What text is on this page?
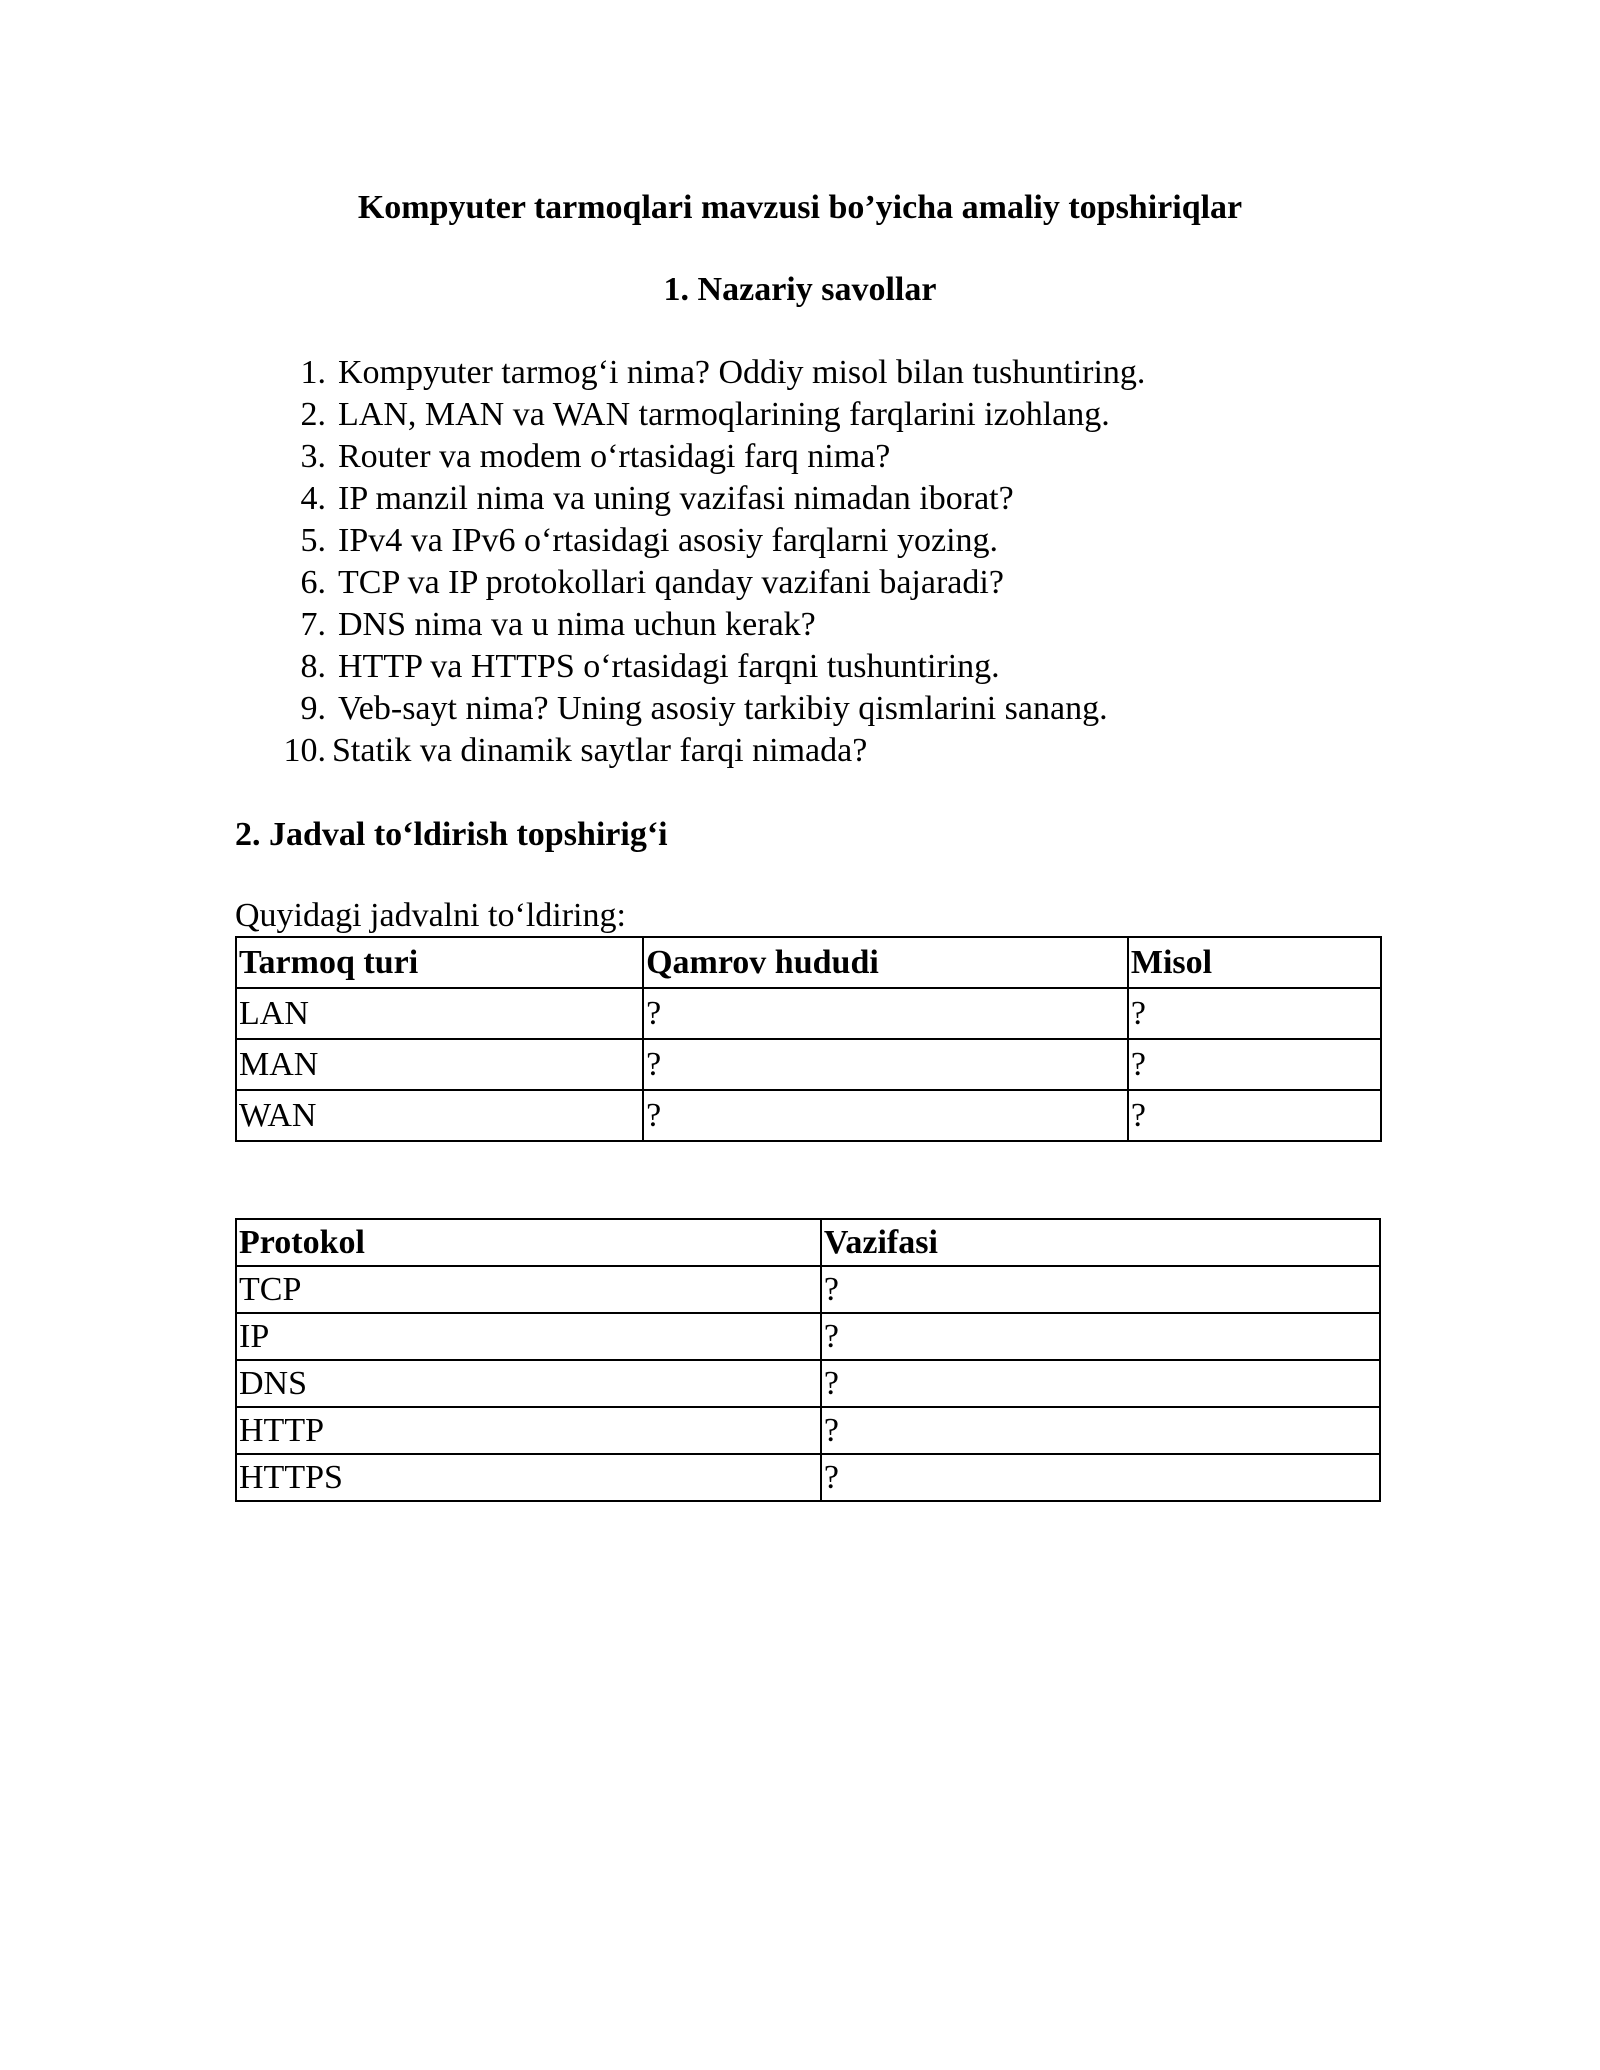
Kompyuter tarmoqlari mavzusi bo’yicha amaliy topshiriqlar
1. Nazariy savollar
1. Kompyuter tarmog‘i nima? Oddiy misol bilan tushuntiring.
2. LAN, MAN va WAN tarmoqlarining farqlarini izohlang.
3. Router va modem o‘rtasidagi farq nima?
4. IP manzil nima va uning vazifasi nimadan iborat?
5. IPv4 va IPv6 o‘rtasidagi asosiy farqlarni yozing.
6. TCP va IP protokollari qanday vazifani bajaradi?
7. DNS nima va u nima uchun kerak?
8. HTTP va HTTPS o‘rtasidagi farqni tushuntiring.
9. Veb-sayt nima? Uning asosiy tarkibiy qismlarini sanang.
10. Statik va dinamik saytlar farqi nimada?
2. Jadval to‘ldirish topshirig‘i

Quyidagi jadvalni to‘ldiring:

Tarmoq turi	Qamrov hududi	Misol
LAN	?	?
MAN	?	?
WAN	?	?
Protokol	Vazifasi
TCP	?
IP	?
DNS	?
HTTP	?
HTTPS	?
